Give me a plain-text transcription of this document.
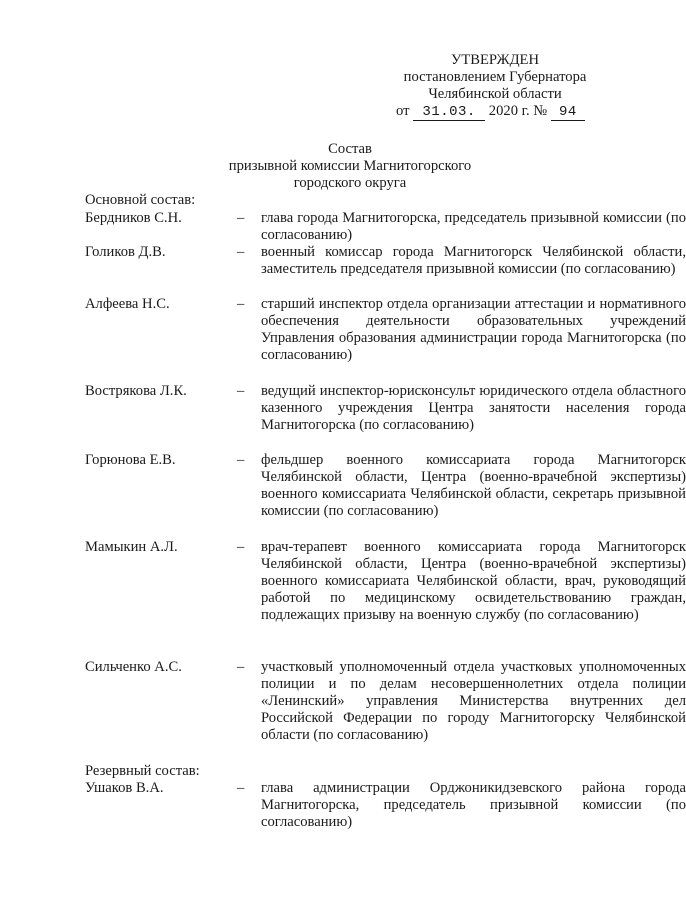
УТВЕРЖДЕН
постановлением Губернатора
Челябинской области
от 31.03. 2020 г. № 94
Состав
призывной комиссии Магнитогорского
городского округа
Основной состав:
Бердников С.Н.	– глава города Магнитогорска, председатель призывной комиссии (по согласованию)
Голиков Д.В.	– военный комиссар города Магнитогорск Челябинской области, заместитель председателя призывной комиссии (по согласованию)
Алфеева Н.С.	– старший инспектор отдела организации аттестации и нормативного обеспечения деятельности образовательных учреждений Управления образования администрации города Магнитогорска (по согласованию)
Вострякова Л.К.	– ведущий инспектор-юрисконсульт юридического отдела областного казенного учреждения Центра занятости населения города Магнитогорска (по согласованию)
Горюнова Е.В.	– фельдшер военного комиссариата города Магнитогорск Челябинской области, Центра (военно-врачебной экспертизы) военного комиссариата Челябинской области, секретарь призывной комиссии (по согласованию)
Мамыкин А.Л.	– врач-терапевт военного комиссариата города Магнитогорск Челябинской области, Центра (военно-врачебной экспертизы) военного комиссариата Челябинской области, врач, руководящий работой по медицинскому освидетельствованию граждан, подлежащих призыву на военную службу (по согласованию)
Сильченко А.С.	– участковый уполномоченный отдела участковых уполномоченных полиции и по делам несовершеннолетних отдела полиции «Ленинский» управления Министерства внутренних дел Российской Федерации по городу Магнитогорску Челябинской области (по согласованию)
Резервный состав:
Ушаков В.А.	– глава администрации Орджоникидзевского района города Магнитогорска, председатель призывной комиссии (по согласованию)
